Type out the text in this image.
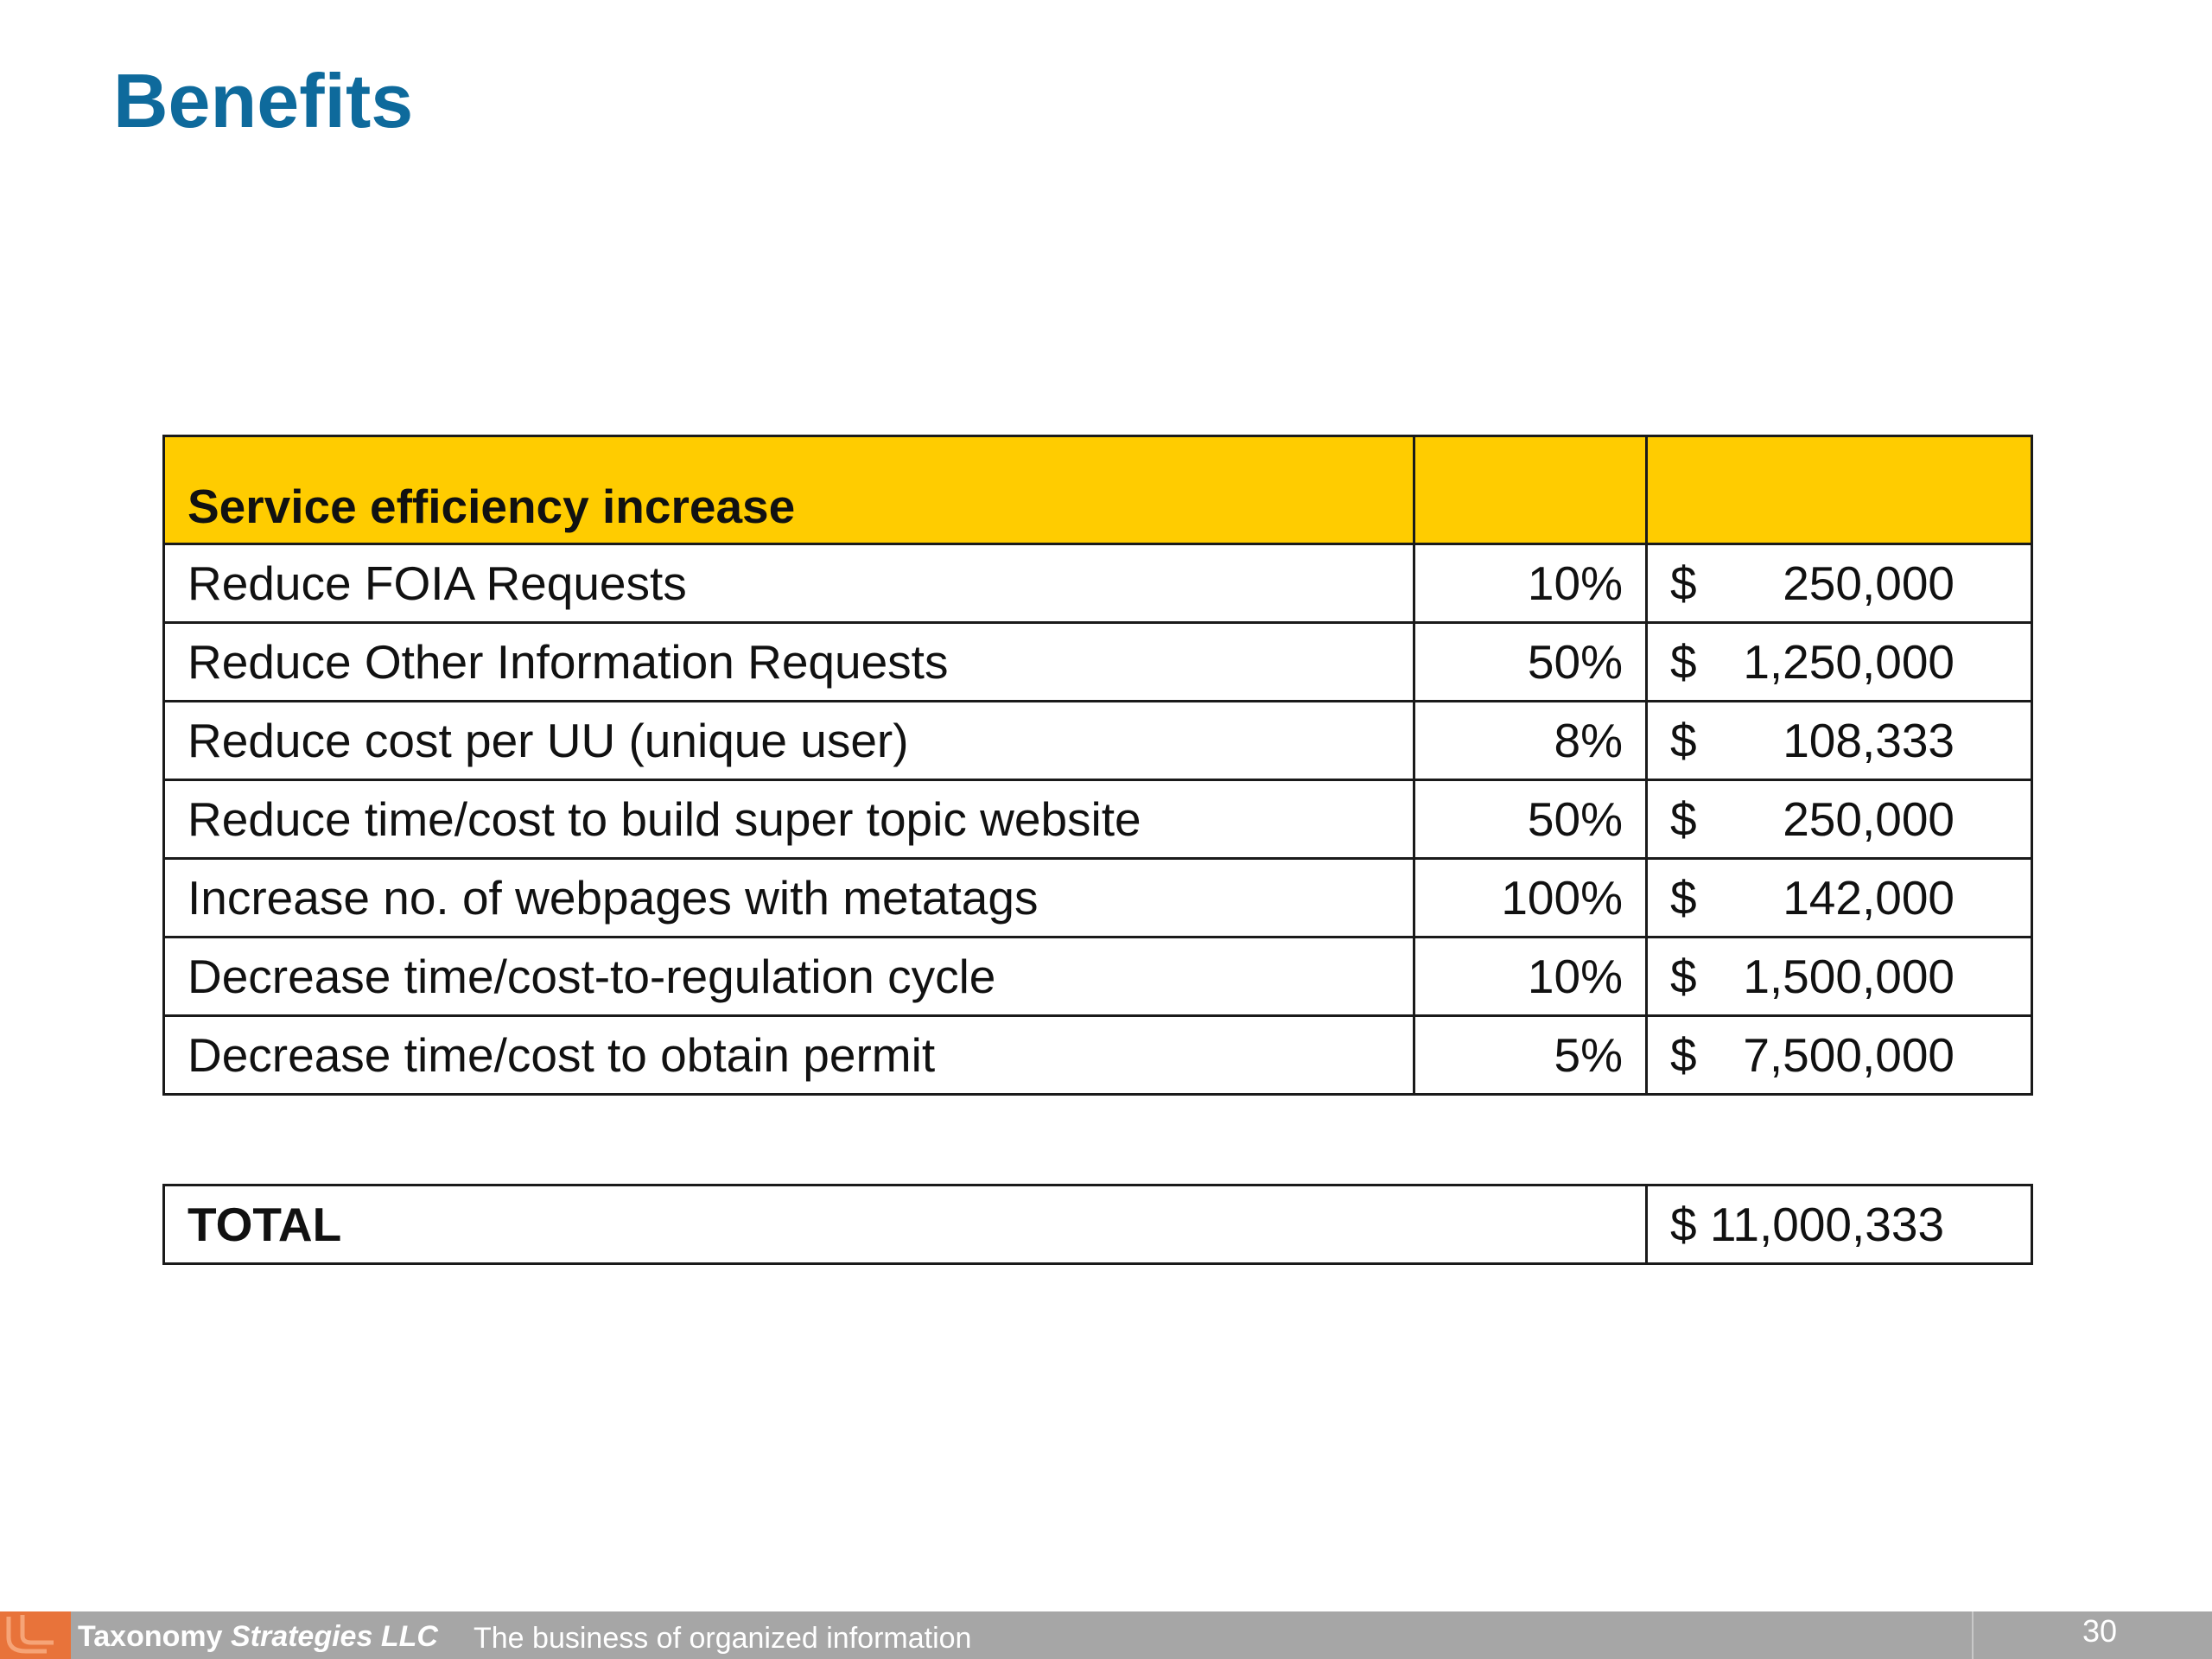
Benefits
Service efficiency increase		
Reduce FOIA Requests	10%	$ 250,000

Reduce Other Information Requests	50%	$ 1,250,000

Reduce cost per UU (unique user)	8%	$ 108,333

Reduce time/cost to build super topic website	50%	$ 250,000

Increase no. of webpages with metatags	100%	$ 142,000

Decrease time/cost-to-regulation cycle	10%	$ 1,500,000

Decrease time/cost to obtain permit	5%	$ 7,500,000
TOTAL	$ 11,000,333
Taxonomy Strategies LLC The business of organized information	30
